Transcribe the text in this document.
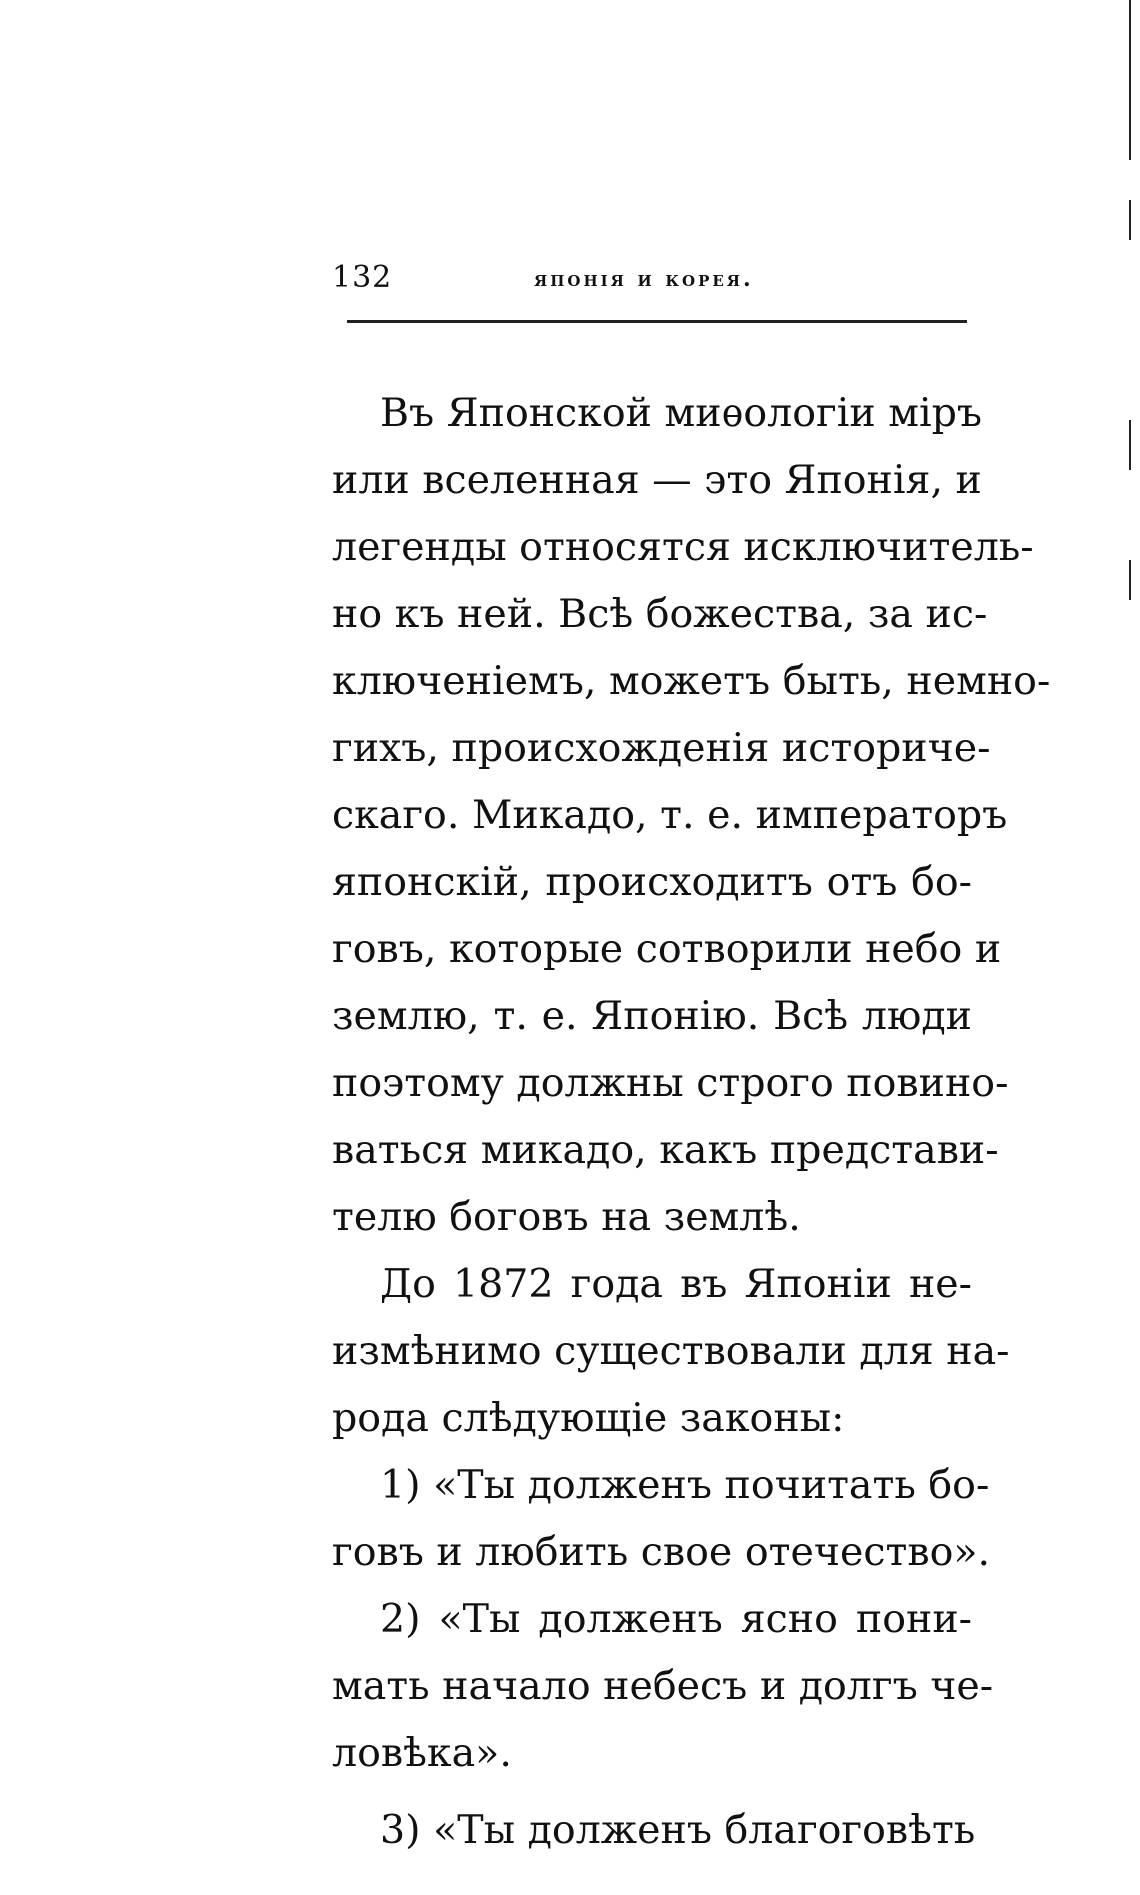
132	японія и корея.
Въ Японской миѳологіи міръ
или вселенная — это Японія, и
легенды относятся исключитель-
но къ ней. Всѣ божества, за ис-
ключеніемъ, можетъ быть, немно-
гихъ, происхожденія историче-
скаго. Микадо, т. е. императоръ
японскій, происходитъ отъ бо-
говъ, которые сотворили небо и
землю, т. е. Японію. Всѣ люди
поэтому должны строго повино-
ваться микадо, какъ представи-
телю боговъ на землѣ.
До 1872 года въ Японіи не-
измѣнимо существовали для на-
рода слѣдующіе законы:
1) «Ты долженъ почитать бо-
говъ и любить свое отечество».
2) «Ты долженъ ясно пони-
мать начало небесъ и долгъ че-
ловѣка».
3) «Ты долженъ благоговѣть
